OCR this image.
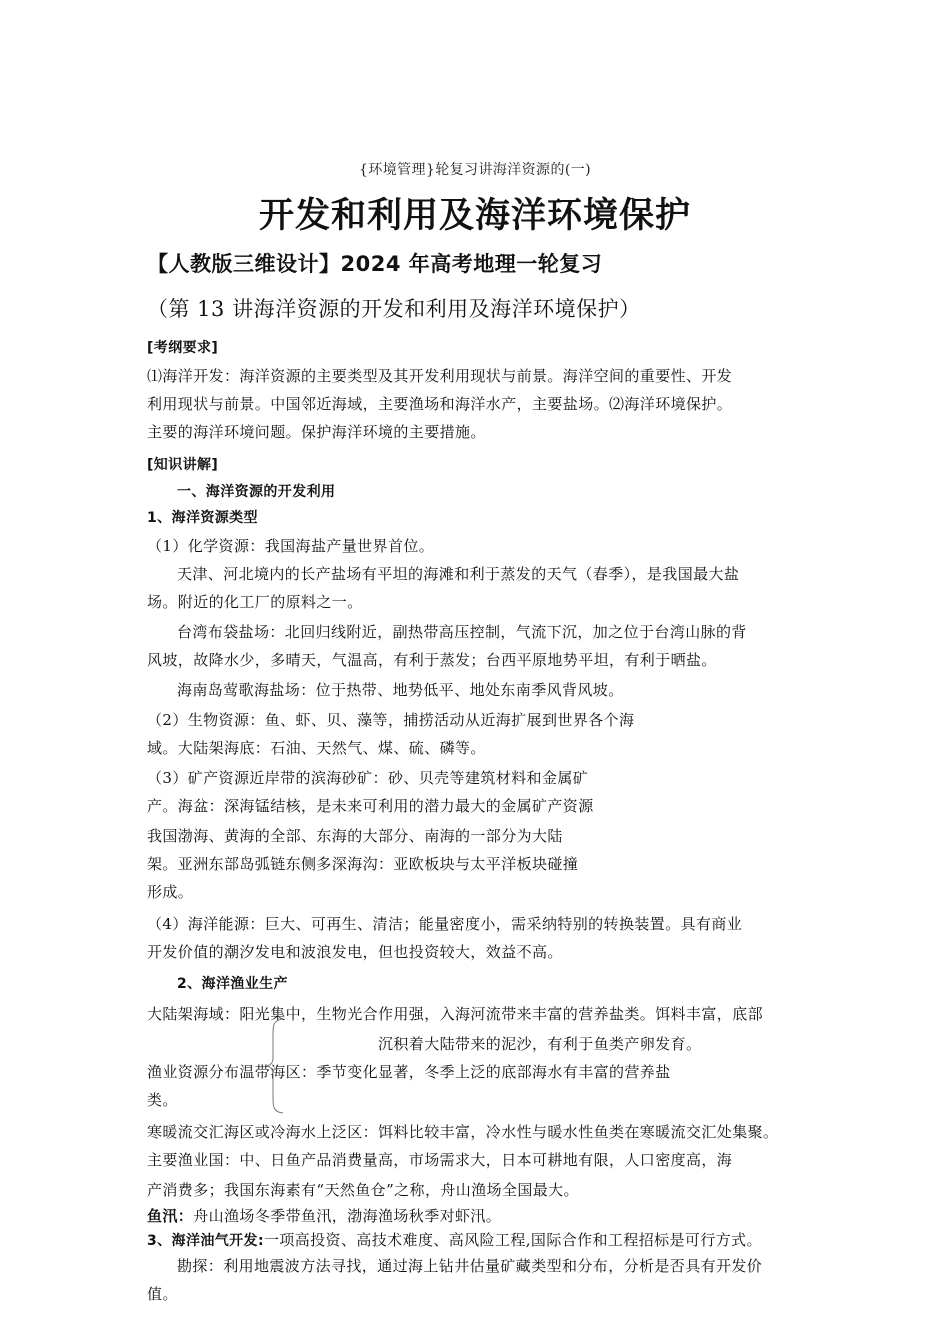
{环境管理}轮复习讲海洋资源的(一)
开发和利用及海洋环境保护
【人教版三维设计】2024 年高考地理一轮复习
（第 13 讲海洋资源的开发和利用及海洋环境保护）
[考纲要求]
⑴海洋开发：海洋资源的主要类型及其开发利用现状与前景。海洋空间的重要性、开发
利用现状与前景。中国邻近海域，主要渔场和海洋水产，主要盐场。⑵海洋环境保护。
主要的海洋环境问题。保护海洋环境的主要措施。
[知识讲解]
一、海洋资源的开发利用
1、海洋资源类型
（1）化学资源：我国海盐产量世界首位。
天津、河北境内的长产盐场有平坦的海滩和利于蒸发的天气（春季），是我国最大盐
场。附近的化工厂的原料之一。
台湾布袋盐场：北回归线附近，副热带高压控制，气流下沉，加之位于台湾山脉的背
风坡，故降水少，多晴天，气温高，有利于蒸发；台西平原地势平坦，有利于晒盐。
海南岛莺歌海盐场：位于热带、地势低平、地处东南季风背风坡。
（2）生物资源：鱼、虾、贝、藻等，捕捞活动从近海扩展到世界各个海
域。大陆架海底：石油、天然气、煤、硫、磷等。
（3）矿产资源近岸带的滨海砂矿：砂、贝壳等建筑材料和金属矿
产。海盆：深海锰结核，是未来可利用的潜力最大的金属矿产资源
我国渤海、黄海的全部、东海的大部分、南海的一部分为大陆
架。亚洲东部岛弧链东侧多深海沟：亚欧板块与太平洋板块碰撞
形成。
（4）海洋能源：巨大、可再生、清洁；能量密度小，需采纳特别的转换装置。具有商业
开发价值的潮汐发电和波浪发电，但也投资较大，效益不高。
2、海洋渔业生产
大陆架海域：阳光集中，生物光合作用强，入海河流带来丰富的营养盐类。饵料丰富，底部
沉积着大陆带来的泥沙，有利于鱼类产卵发育。
渔业资源分布温带海区：季节变化显著，冬季上泛的底部海水有丰富的营养盐
类。
寒暖流交汇海区或冷海水上泛区：饵料比较丰富，冷水性与暖水性鱼类在寒暖流交汇处集聚。
主要渔业国：中、日鱼产品消费量高，市场需求大，日本可耕地有限，人口密度高，海
产消费多；我国东海素有“天然鱼仓”之称，舟山渔场全国最大。
鱼汛：舟山渔场冬季带鱼汛，渤海渔场秋季对虾汛。
3、海洋油气开发:一项高投资、高技术难度、高风险工程,国际合作和工程招标是可行方式。
勘探：利用地震波方法寻找，通过海上钻井估量矿藏类型和分布，分析是否具有开发价
值。
